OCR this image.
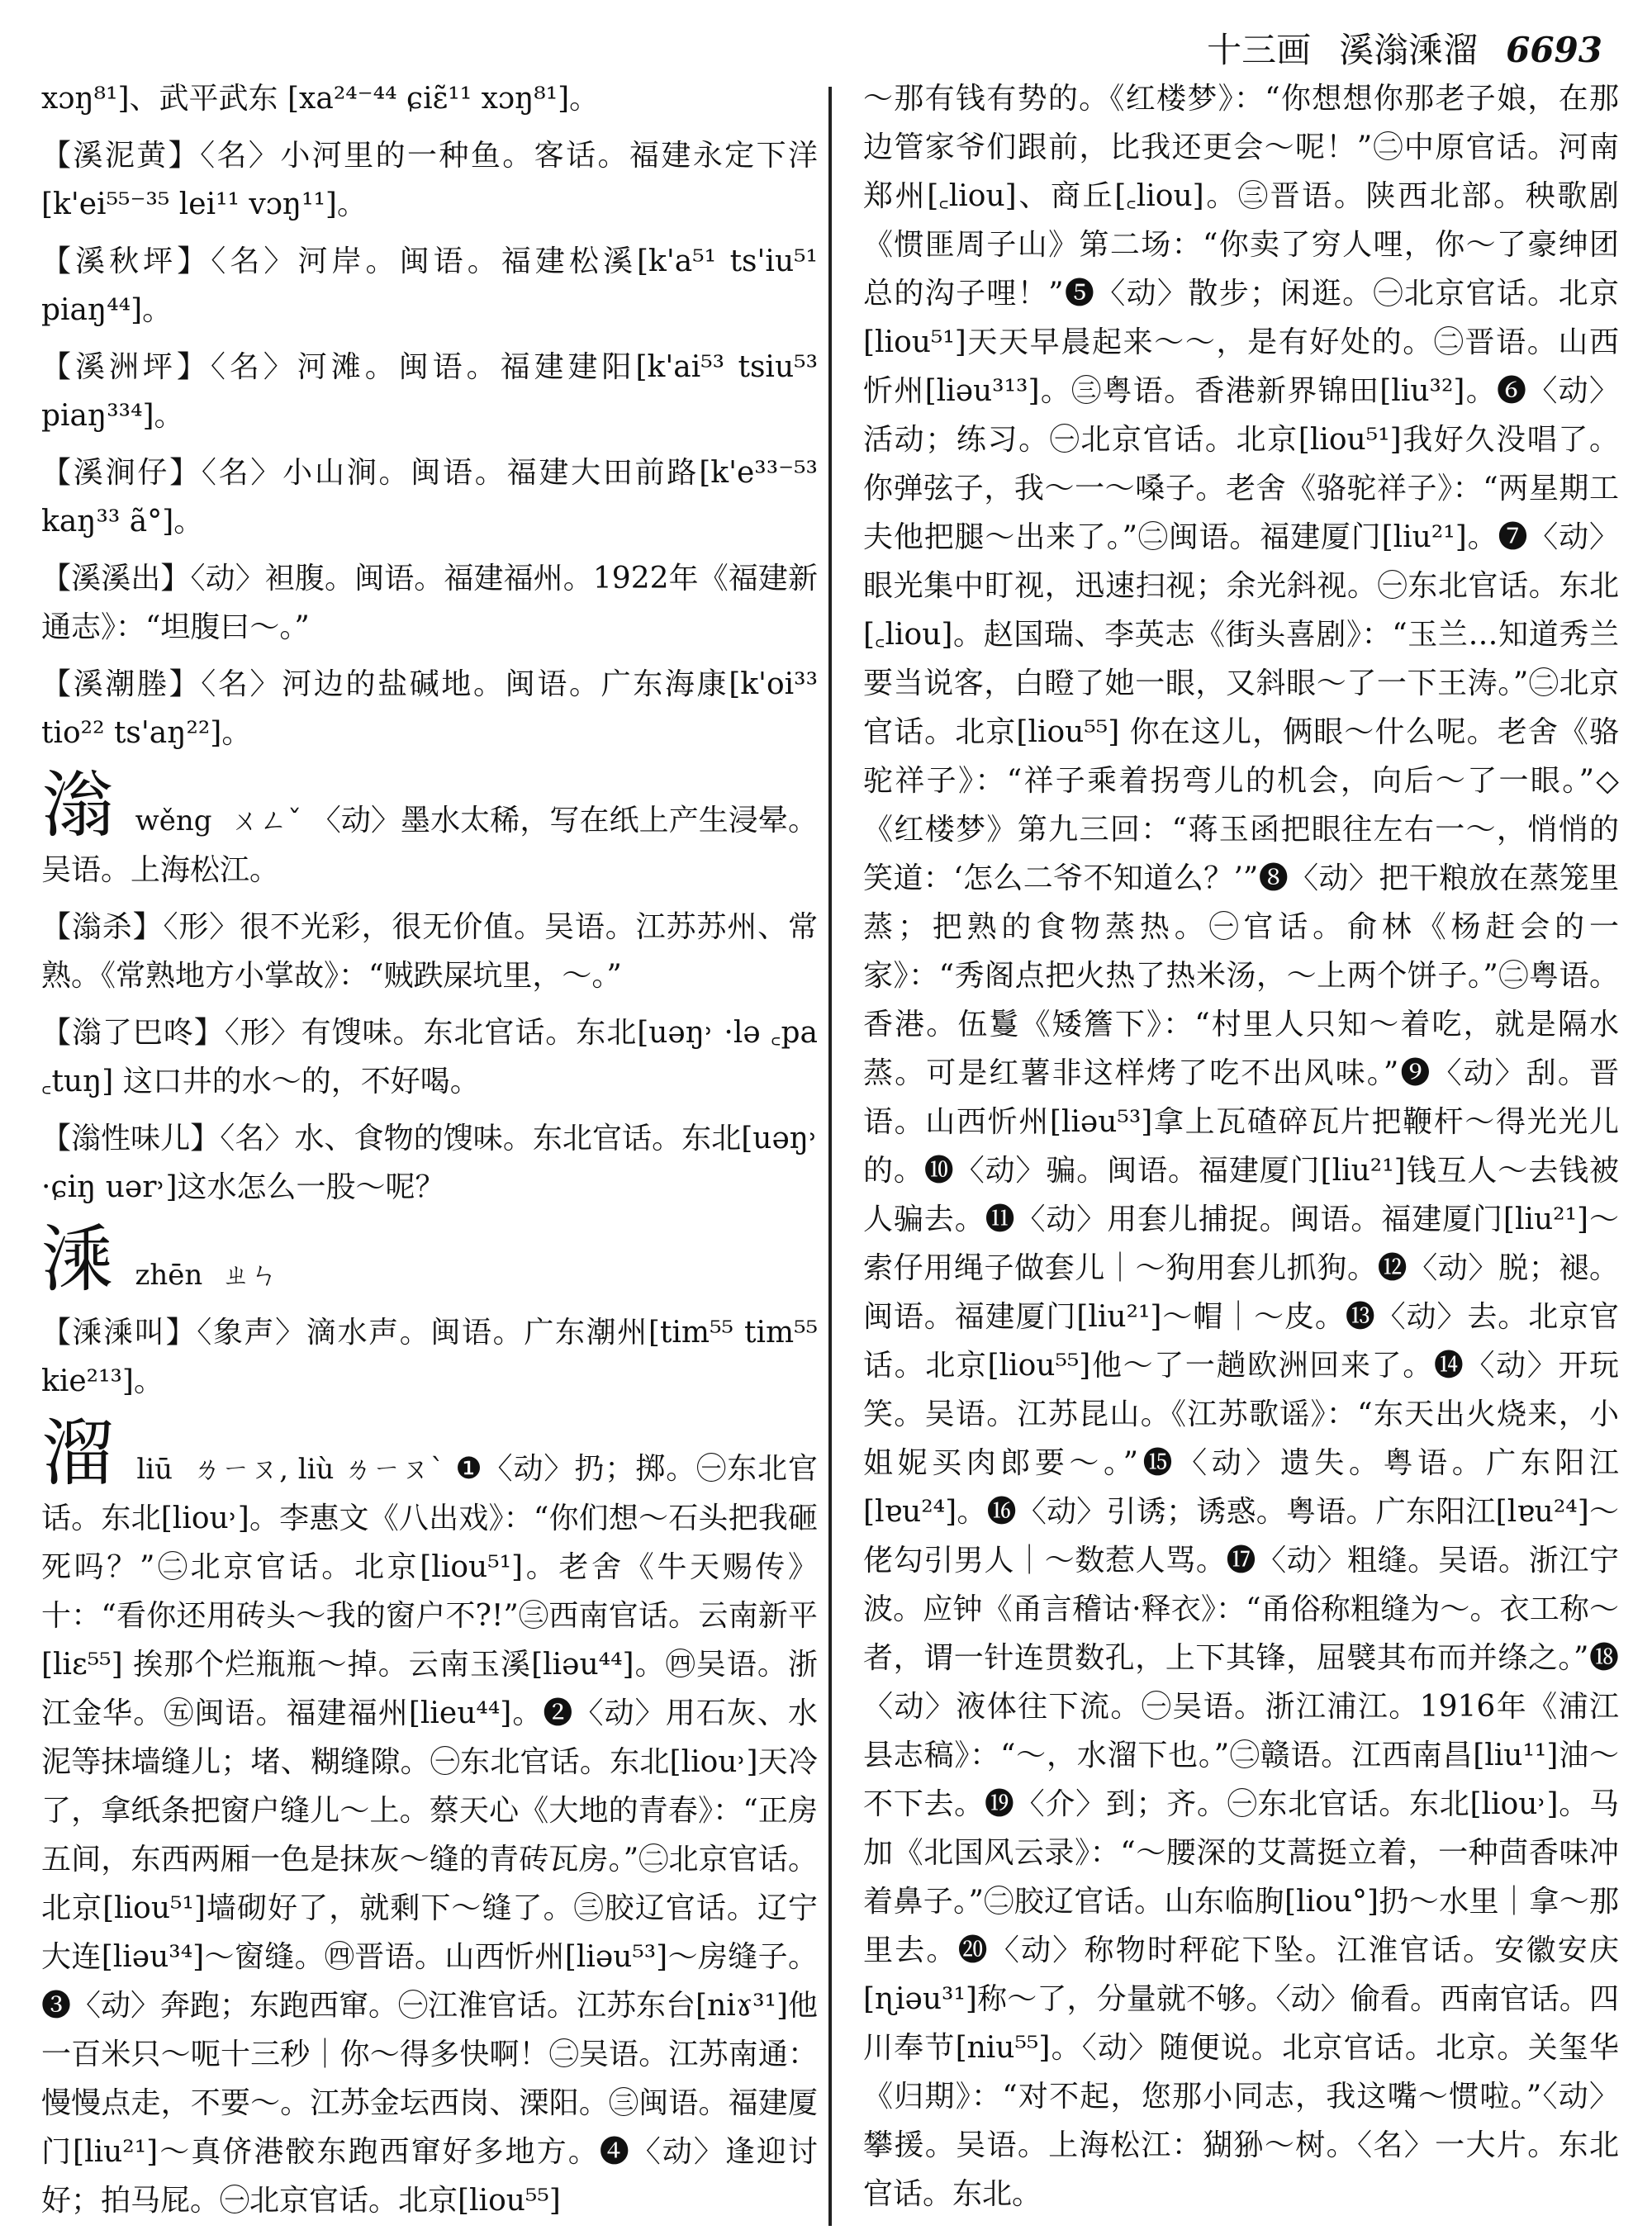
十三画 溪滃溗溜 6693

xɔŋ⁸¹]、武平武东 [xa²⁴⁻⁴⁴ ɕiɛ̃¹¹ xɔŋ⁸¹]。

【溪泥黄】〈名〉小河里的一种鱼。客话。福建永定下洋[k'ei⁵⁵⁻³⁵ lei¹¹ vɔŋ¹¹]。

【溪秋坪】〈名〉河岸。闽语。福建松溪[k'a⁵¹ ts'iu⁵¹ piaŋ⁴⁴]。

【溪洲坪】〈名〉河滩。闽语。福建建阳[k'ai⁵³ tsiu⁵³ piaŋ³³⁴]。

【溪涧仔】〈名〉小山涧。闽语。福建大田前路[k'e³³⁻⁵³ kaŋ³³ ã°]。

【溪溪出】〈动〉袒腹。闽语。福建福州。1922年《福建新通志》：“坦腹曰～。”

【溪潮塍】〈名〉河边的盐碱地。闽语。广东海康[k'oi³³ tio²² ts'aŋ²²]。

滃 wěng ㄨㄥˇ 〈动〉墨水太稀，写在纸上产生浸晕。吴语。上海松江。

【滃杀】〈形〉很不光彩，很无价值。吴语。江苏苏州、常熟。《常熟地方小掌故》：“贼跌屎坑里，～。”

【滃了巴咚】〈形〉有馊味。东北官话。东北[uəŋ˒ ·lə ꜀pa ꜀tuŋ] 这口井的水～的，不好喝。

【滃性味儿】〈名〉水、食物的馊味。东北官话。东北[uəŋ˒ ·ɕiŋ uər˒]这水怎么一股～呢？

溗 zhēn ㄓㄣ

【溗溗叫】〈象声〉滴水声。闽语。广东潮州[tim⁵⁵ tim⁵⁵ kie²¹³]。

溜 liū ㄌㄧㄡ, liù ㄌㄧㄡˋ ❶〈动〉扔；掷。㊀东北官话。东北[liou˒]。李惠文《八出戏》：“你们想～石头把我砸死吗？”㊁北京官话。北京[liou⁵¹]。老舍《牛天赐传》十：“看你还用砖头～我的窗户不?!”㊂西南官话。云南新平[liɛ⁵⁵] 挨那个烂瓶瓶～掉。云南玉溪[liəu⁴⁴]。㊃吴语。浙江金华。㊄闽语。福建福州[lieu⁴⁴]。❷〈动〉用石灰、水泥等抹墙缝儿；堵、糊缝隙。㊀东北官话。东北[liou˒]天冷了，拿纸条把窗户缝儿～上。蔡天心《大地的青春》：“正房五间，东西两厢一色是抹灰～缝的青砖瓦房。”㊁北京官话。北京[liou⁵¹]墙砌好了，就剩下～缝了。㊂胶辽官话。辽宁大连[liəu³⁴]～窗缝。㊃晋语。山西忻州[liəu⁵³]～房缝子。❸〈动〉奔跑；东跑西窜。㊀江淮官话。江苏东台[niɤ³¹]他一百米只～呃十三秒｜你～得多快啊！㊁吴语。江苏南通：慢慢点走，不要～。江苏金坛西岗、溧阳。㊂闽语。福建厦门[liu²¹]～真侪港骹东跑西窜好多地方。❹〈动〉逢迎讨好；拍马屁。㊀北京官话。北京[liou⁵⁵]

～那有钱有势的。《红楼梦》：“你想想你那老子娘，在那边管家爷们跟前，比我还更会～呢！”㊁中原官话。河南郑州[꜀liou]、商丘[꜀liou]。㊂晋语。陕西北部。秧歌剧《惯匪周子山》第二场：“你卖了穷人哩，你～了豪绅团总的沟子哩！”❺〈动〉散步；闲逛。㊀北京官话。北京[liou⁵¹]天天早晨起来～～，是有好处的。㊁晋语。山西忻州[liəu³¹³]。㊂粤语。香港新界锦田[liu³²]。❻〈动〉活动；练习。㊀北京官话。北京[liou⁵¹]我好久没唱了。你弹弦子，我～一～嗓子。老舍《骆驼祥子》：“两星期工夫他把腿～出来了。”㊁闽语。福建厦门[liu²¹]。❼〈动〉眼光集中盯视，迅速扫视；余光斜视。㊀东北官话。东北[꜀liou]。赵国瑞、李英志《街头喜剧》：“玉兰…知道秀兰要当说客，白瞪了她一眼，又斜眼～了一下王涛。”㊁北京官话。北京[liou⁵⁵] 你在这儿，俩眼～什么呢。老舍《骆驼祥子》：“祥子乘着拐弯儿的机会，向后～了一眼。”◇《红楼梦》第九三回：“蒋玉函把眼往左右一～，悄悄的笑道：‘怎么二爷不知道么？’”❽〈动〉把干粮放在蒸笼里蒸；把熟的食物蒸热。㊀官话。俞林《杨赶会的一家》：“秀阁点把火热了热米汤，～上两个饼子。”㊁粤语。香港。伍鬘《矮簷下》：“村里人只知～着吃，就是隔水蒸。可是红薯非这样烤了吃不出风味。”❾〈动〉刮。晋语。山西忻州[liəu⁵³]拿上瓦碴碎瓦片把鞭杆～得光光儿的。❿〈动〉骗。闽语。福建厦门[liu²¹]钱互人～去钱被人骗去。⓫〈动〉用套儿捕捉。闽语。福建厦门[liu²¹]～索仔用绳子做套儿｜～狗用套儿抓狗。⓬〈动〉脱；褪。闽语。福建厦门[liu²¹]～帽｜～皮。⓭〈动〉去。北京官话。北京[liou⁵⁵]他～了一趟欧洲回来了。⓮〈动〉开玩笑。吴语。江苏昆山。《江苏歌谣》：“东天出火烧来，小姐妮买肉郎要～。”⓯〈动〉遗失。粤语。广东阳江[lɐu²⁴]。⓰〈动〉引诱；诱惑。粤语。广东阳江[lɐu²⁴]～佬勾引男人｜～数惹人骂。⓱〈动〉粗缝。吴语。浙江宁波。应钟《甬言稽诂·释衣》：“甬俗称粗缝为～。衣工称～者，谓一针连贯数孔，上下其锋，屈襞其布而并绦之。”⓲〈动〉液体往下流。㊀吴语。浙江浦江。1916年《浦江县志稿》：“～，水溜下也。”㊁赣语。江西南昌[liu¹¹]油～不下去。⓳〈介〉到；齐。㊀东北官话。东北[liou˒]。马加《北国风云录》：“～腰深的艾蒿挺立着，一种茴香味冲着鼻子。”㊁胶辽官话。山东临朐[liou°]扔～水里｜拿～那里去。⓴〈动〉称物时秤砣下坠。江淮官话。安徽安庆[ɳiəu³¹]称～了，分量就不够。〈动〉偷看。西南官话。四川奉节[niu⁵⁵]。〈动〉随便说。北京官话。北京。关玺华《归期》：“对不起，您那小同志，我这嘴～惯啦。”〈动〉攀援。吴语。上海松江：猢狲～树。〈名〉一大片。东北官话。东北。
